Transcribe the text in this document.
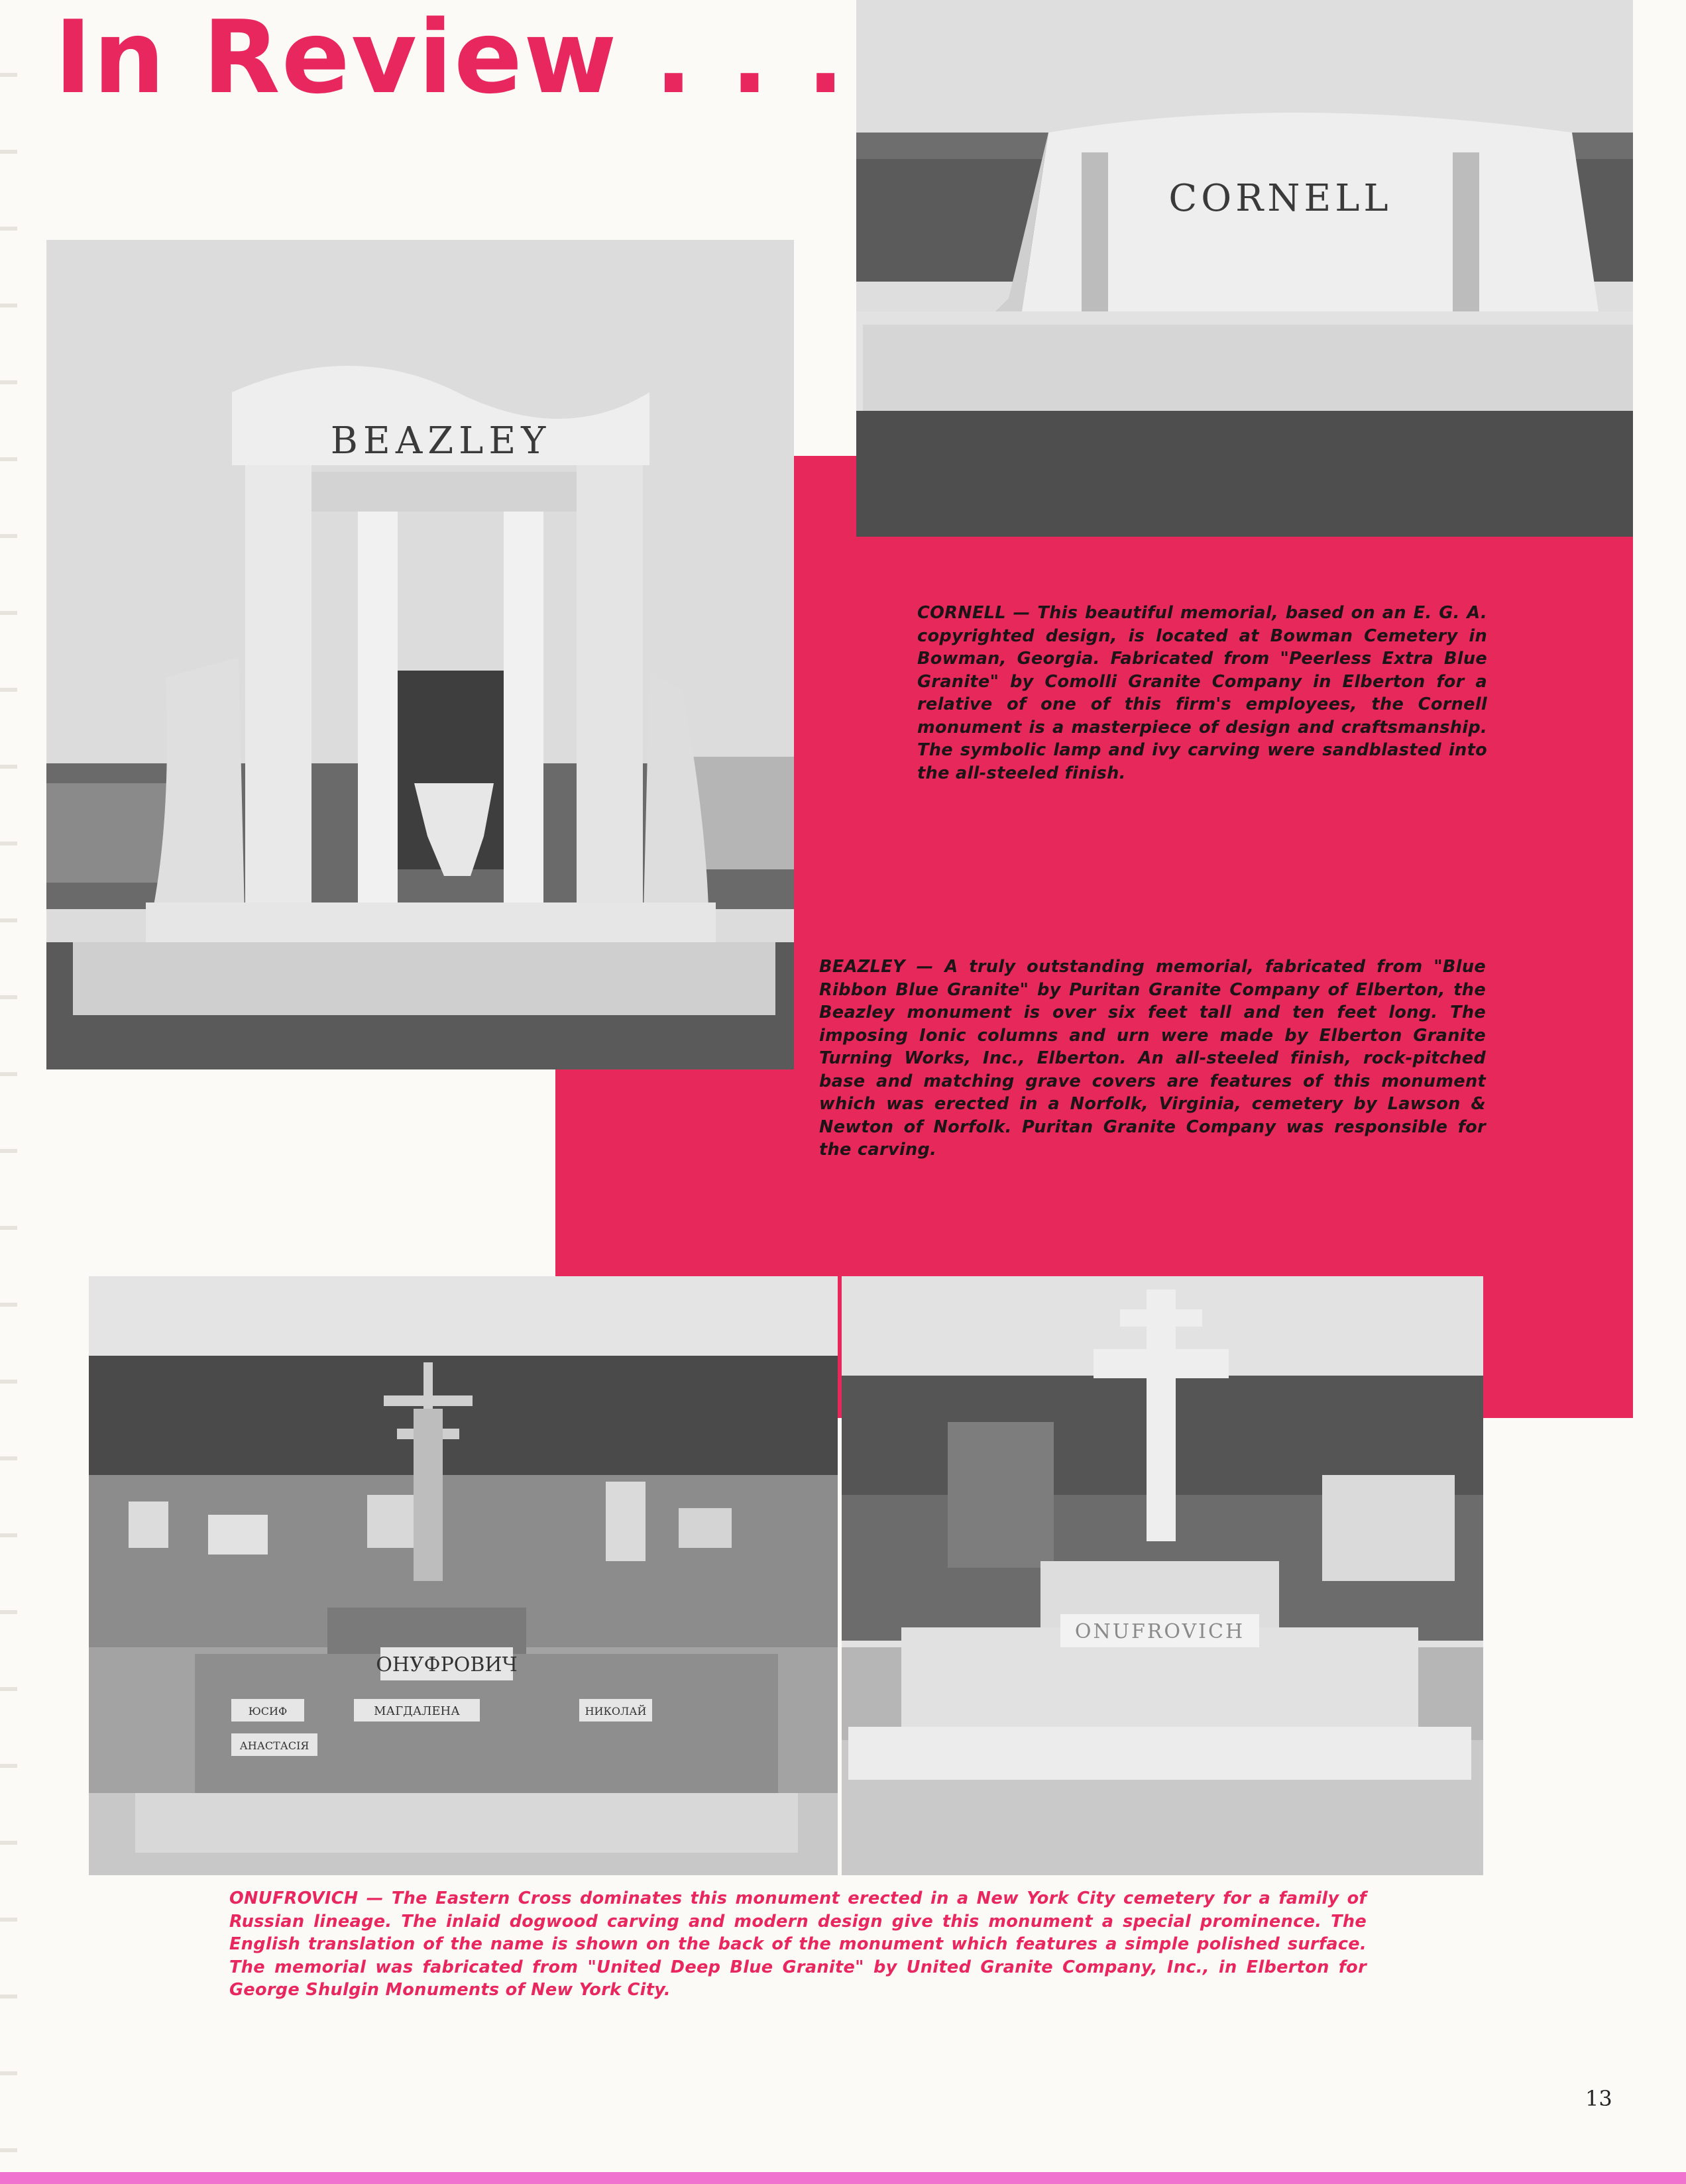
In Review . . .
CORNELL
BEAZLEY
CORNELL — This beautiful memorial, based on an E. G. A. copyrighted design, is located at Bowman Cemetery in Bowman, Georgia. Fabricated from "Peerless Extra Blue Granite" by Comolli Granite Company in Elberton for a relative of one of this firm's employees, the Cornell monument is a masterpiece of design and craftsmanship. The symbolic lamp and ivy carving were sandblasted into the all-steeled finish.
BEAZLEY — A truly outstanding memorial, fabricated from "Blue Ribbon Blue Granite" by Puritan Granite Company of Elberton, the Beazley monument is over six feet tall and ten feet long. The imposing Ionic columns and urn were made by Elberton Granite Turning Works, Inc., Elberton. An all-steeled finish, rock-pitched base and matching grave covers are features of this monument which was erected in a Norfolk, Virginia, cemetery by Lawson & Newton of Norfolk. Puritan Granite Company was responsible for the carving.
ОНУФРОВИЧ
ЮСИФ	МАГДАЛЕНА	НИКОЛАЙ
АНАСТАСІЯ
ONUFROVICH
ONUFROVICH — The Eastern Cross dominates this monument erected in a New York City cemetery for a family of Russian lineage. The inlaid dogwood carving and modern design give this monument a special prominence. The English translation of the name is shown on the back of the monument which features a simple polished surface. The memorial was fabricated from "United Deep Blue Granite" by United Granite Company, Inc., in Elberton for George Shulgin Monuments of New York City.
13
